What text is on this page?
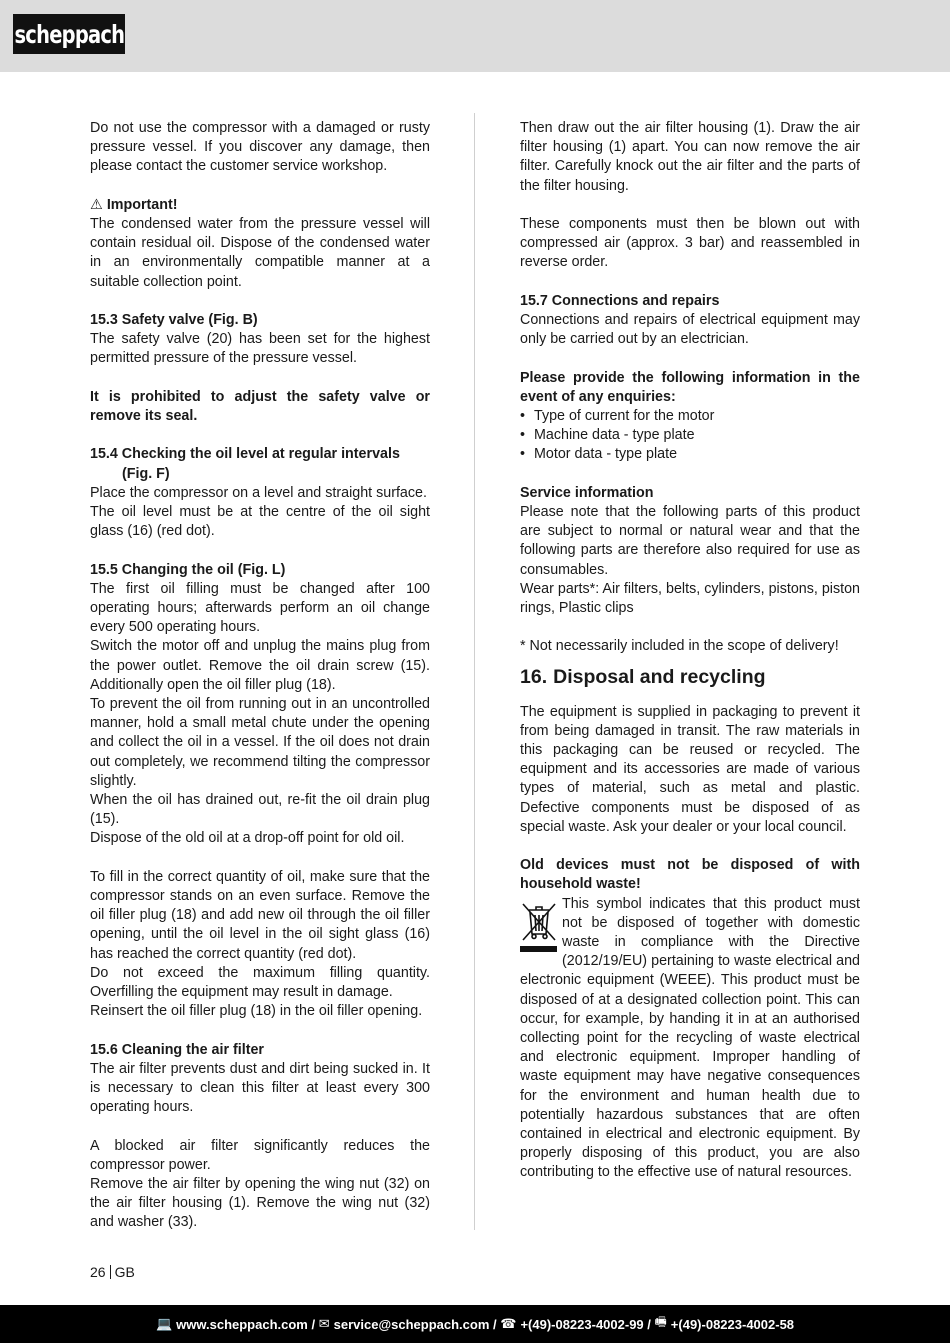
scheppach

Do not use the compressor with a damaged or rusty pressure vessel. If you discover any damage, then please contact the customer service workshop.

⚠ Important!

The condensed water from the pressure vessel will contain residual oil. Dispose of the condensed water in an environmentally compatible manner at a suitable collection point.

15.3 Safety valve (Fig. B)

The safety valve (20) has been set for the highest permitted pressure of the pressure vessel.

It is prohibited to adjust the safety valve or remove its seal.

15.4 Checking the oil level at regular intervals
(Fig. F)

Place the compressor on a level and straight surface.

The oil level must be at the centre of the oil sight glass (16) (red dot).

15.5 Changing the oil (Fig. L)

The first oil filling must be changed after 100 operating hours; afterwards perform an oil change every 500 operating hours.

Switch the motor off and unplug the mains plug from the power outlet. Remove the oil drain screw (15). Additionally open the oil filler plug (18).

To prevent the oil from running out in an uncontrolled manner, hold a small metal chute under the opening and collect the oil in a vessel. If the oil does not drain out completely, we recommend tilting the compressor slightly.

When the oil has drained out, re-fit the oil drain plug (15).

Dispose of the old oil at a drop-off point for old oil.

To fill in the correct quantity of oil, make sure that the compressor stands on an even surface. Remove the oil filler plug (18) and add new oil through the oil filler opening, until the oil level in the oil sight glass (16) has reached the correct quantity (red dot).

Do not exceed the maximum filling quantity. Overfilling the equipment may result in damage.

Reinsert the oil filler plug (18) in the oil filler opening.

15.6 Cleaning the air filter

The air filter prevents dust and dirt being sucked in. It is necessary to clean this filter at least every 300 operating hours.

A blocked air filter significantly reduces the compressor power.

Remove the air filter by opening the wing nut (32) on the air filter housing (1). Remove the wing nut (32) and washer (33).

Then draw out the air filter housing (1). Draw the air filter housing (1) apart. You can now remove the air filter. Carefully knock out the air filter and the parts of the filter housing.

These components must then be blown out with compressed air (approx. 3 bar) and reassembled in reverse order.

15.7 Connections and repairs

Connections and repairs of electrical equipment may only be carried out by an electrician.

Please provide the following information in the event of any enquiries:

• Type of current for the motor
• Machine data - type plate
• Motor data - type plate

Service information

Please note that the following parts of this product are subject to normal or natural wear and that the following parts are therefore also required for use as consumables.

Wear parts*: Air filters, belts, cylinders, pistons, piston rings, Plastic clips

* Not necessarily included in the scope of delivery!

16. Disposal and recycling

The equipment is supplied in packaging to prevent it from being damaged in transit. The raw materials in this packaging can be reused or recycled. The equipment and its accessories are made of various types of material, such as metal and plastic. Defective components must be disposed of as special waste. Ask your dealer or your local council.

Old devices must not be disposed of with household waste!

This symbol indicates that this product must not be disposed of together with domestic waste in compliance with the Directive (2012/19/EU) pertaining to waste electrical and electronic equipment (WEEE). This product must be disposed of at a designated collection point. This can occur, for example, by handing it in at an authorised collecting point for the recycling of waste electrical and electronic equipment. Improper handling of waste equipment may have negative consequences for the environment and human health due to potentially hazardous substances that are often contained in electrical and electronic equipment. By properly disposing of this product, you are also contributing to the effective use of natural resources.

26 GB
💻 www.scheppach.com /
✉ service@scheppach.com /
☎ +(49)-08223-4002-99 /
🖷 +(49)-08223-4002-58
